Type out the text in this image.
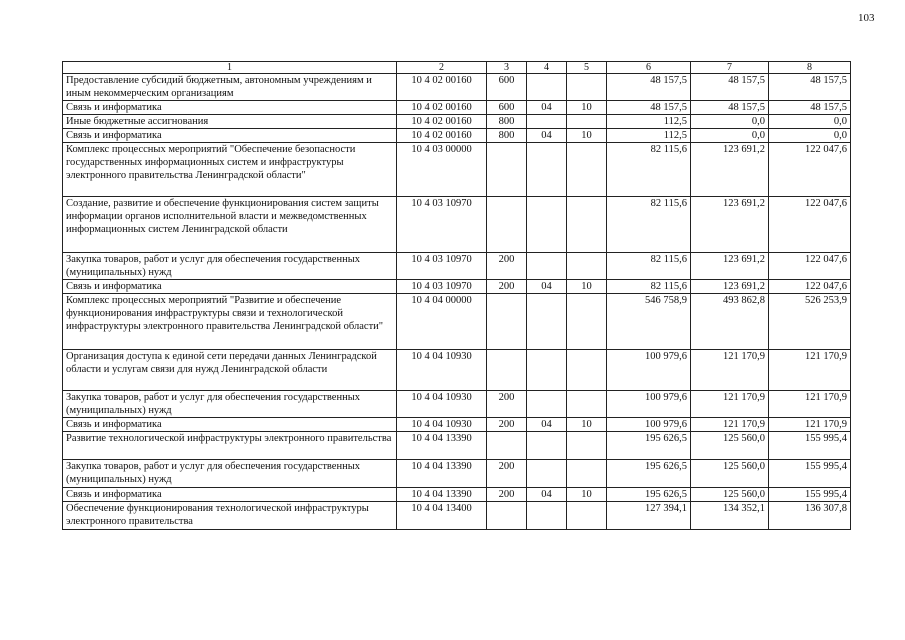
103
1	2	3	4	5	6	7	8
Предоставление субсидий бюджетным, автономным учреждениям и иным некоммерческим организациям	10 4 02 00160	600			48 157,5	48 157,5	48 157,5
Связь и информатика	10 4 02 00160	600	04	10	48 157,5	48 157,5	48 157,5
Иные бюджетные ассигнования	10 4 02 00160	800			112,5	0,0	0,0
Связь и информатика	10 4 02 00160	800	04	10	112,5	0,0	0,0
Комплекс процессных мероприятий "Обеспечение безопасности государственных информационных систем и инфраструктуры электронного правительства Ленинградской области"	10 4 03 00000				82 115,6	123 691,2	122 047,6
Создание, развитие и обеспечение функционирования систем защиты информации органов исполнительной власти и межведомственных информационных систем Ленинградской области	10 4 03 10970				82 115,6	123 691,2	122 047,6
Закупка товаров, работ и услуг для обеспечения государственных (муниципальных) нужд	10 4 03 10970	200			82 115,6	123 691,2	122 047,6
Связь и информатика	10 4 03 10970	200	04	10	82 115,6	123 691,2	122 047,6
Комплекс процессных мероприятий "Развитие и обеспечение функционирования инфраструктуры связи и технологической инфраструктуры электронного правительства Ленинградской области"	10 4 04 00000				546 758,9	493 862,8	526 253,9
Организация доступа к единой сети передачи данных Ленинградской области и услугам связи для нужд Ленинградской области	10 4 04 10930				100 979,6	121 170,9	121 170,9
Закупка товаров, работ и услуг для обеспечения государственных (муниципальных) нужд	10 4 04 10930	200			100 979,6	121 170,9	121 170,9
Связь и информатика	10 4 04 10930	200	04	10	100 979,6	121 170,9	121 170,9
Развитие технологической инфраструктуры электронного правительства	10 4 04 13390				195 626,5	125 560,0	155 995,4
Закупка товаров, работ и услуг для обеспечения государственных (муниципальных) нужд	10 4 04 13390	200			195 626,5	125 560,0	155 995,4
Связь и информатика	10 4 04 13390	200	04	10	195 626,5	125 560,0	155 995,4
Обеспечение функционирования технологической инфраструктуры электронного правительства	10 4 04 13400				127 394,1	134 352,1	136 307,8
